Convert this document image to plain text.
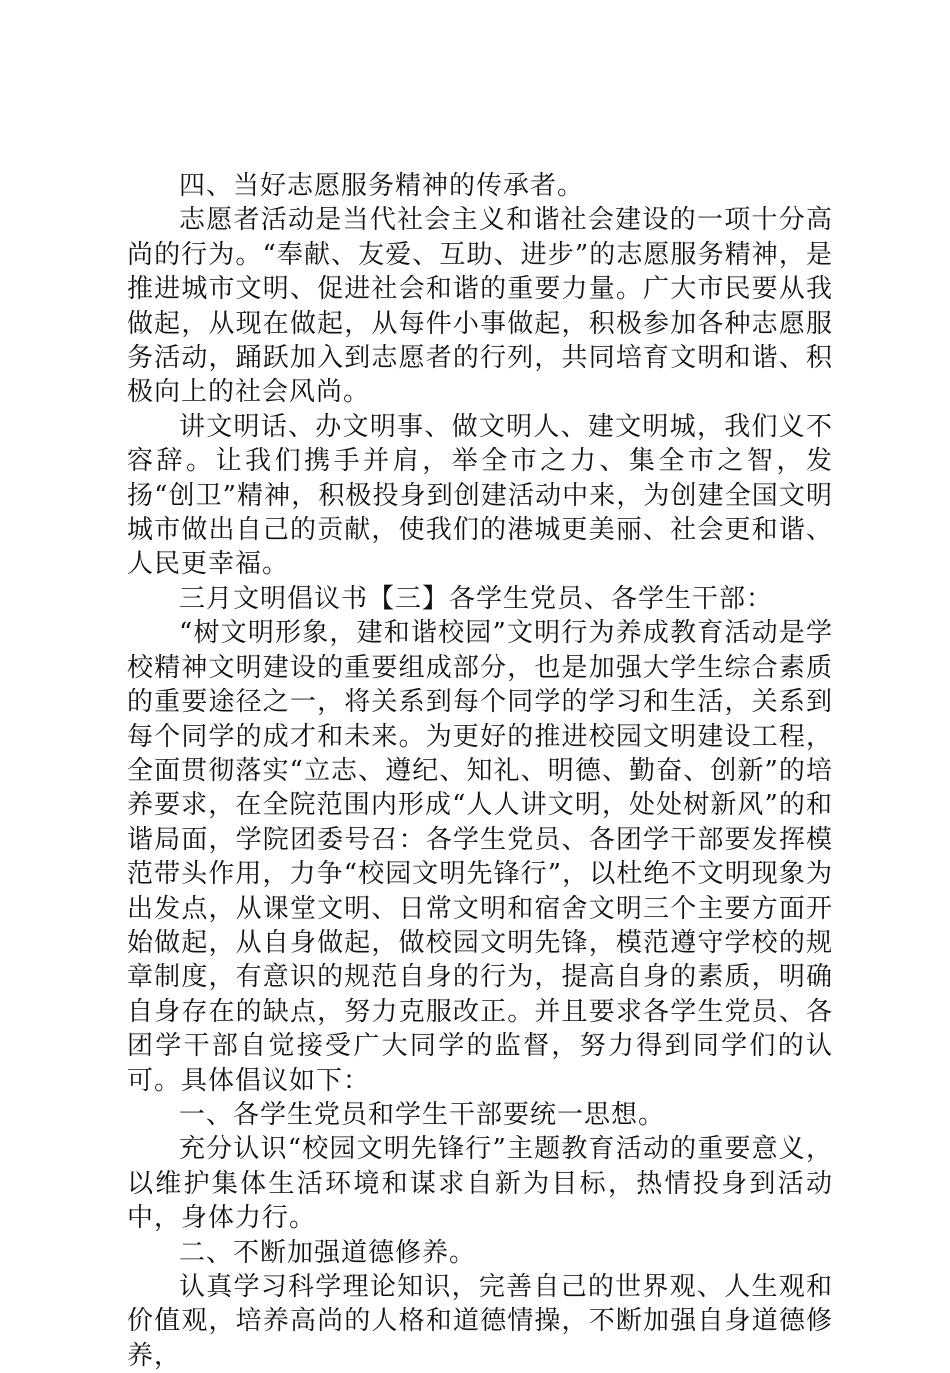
四、当好志愿服务精神的传承者。

志愿者活动是当代社会主义和谐社会建设的一项十分高尚的行为。“奉献、友爱、互助、进步”的志愿服务精神，是推进城市文明、促进社会和谐的重要力量。广大市民要从我做起，从现在做起，从每件小事做起，积极参加各种志愿服务活动，踊跃加入到志愿者的行列，共同培育文明和谐、积极向上的社会风尚。

讲文明话、办文明事、做文明人、建文明城，我们义不容辞。让我们携手并肩，举全市之力、集全市之智，发扬“创卫”精神，积极投身到创建活动中来，为创建全国文明城市做出自己的贡献，使我们的港城更美丽、社会更和谐、人民更幸福。

三月文明倡议书【三】各学生党员、各学生干部：

“树文明形象，建和谐校园”文明行为养成教育活动是学校精神文明建设的重要组成部分，也是加强大学生综合素质的重要途径之一，将关系到每个同学的学习和生活，关系到每个同学的成才和未来。为更好的推进校园文明建设工程，全面贯彻落实“立志、遵纪、知礼、明德、勤奋、创新”的培养要求，在全院范围内形成“人人讲文明，处处树新风”的和谐局面，学院团委号召：各学生党员、各团学干部要发挥模范带头作用，力争“校园文明先锋行”，以杜绝不文明现象为出发点，从课堂文明、日常文明和宿舍文明三个主要方面开始做起，从自身做起，做校园文明先锋，模范遵守学校的规章制度，有意识的规范自身的行为，提高自身的素质，明确自身存在的缺点，努力克服改正。并且要求各学生党员、各团学干部自觉接受广大同学的监督，努力得到同学们的认可。具体倡议如下：

一、各学生党员和学生干部要统一思想。

充分认识“校园文明先锋行”主题教育活动的重要意义，以维护集体生活环境和谋求自新为目标，热情投身到活动中，身体力行。

二、不断加强道德修养。

认真学习科学理论知识，完善自己的世界观、人生观和价值观，培养高尚的人格和道德情操，不断加强自身道德修养，
